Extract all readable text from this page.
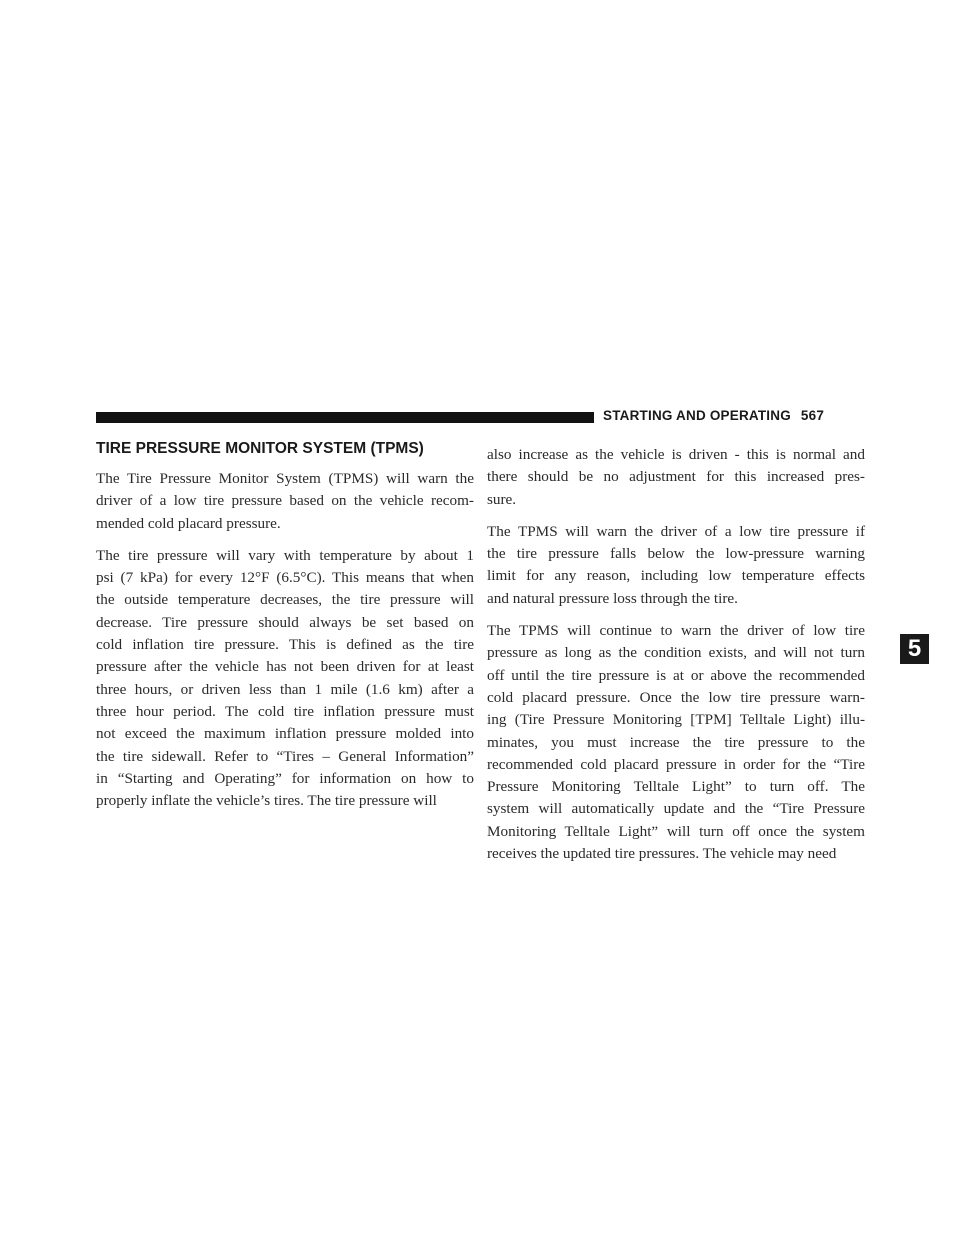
STARTING AND OPERATING 567
TIRE PRESSURE MONITOR SYSTEM (TPMS)
The Tire Pressure Monitor System (TPMS) will warn the
driver of a low tire pressure based on the vehicle recom-
mended cold placard pressure.
The tire pressure will vary with temperature by about 1
psi (7 kPa) for every 12°F (6.5°C). This means that when
the outside temperature decreases, the tire pressure will
decrease. Tire pressure should always be set based on
cold inflation tire pressure. This is defined as the tire
pressure after the vehicle has not been driven for at least
three hours, or driven less than 1 mile (1.6 km) after a
three hour period. The cold tire inflation pressure must
not exceed the maximum inflation pressure molded into
the tire sidewall. Refer to “Tires – General Information”
in “Starting and Operating” for information on how to
properly inflate the vehicle’s tires. The tire pressure will
also increase as the vehicle is driven - this is normal and
there should be no adjustment for this increased pres-
sure.
The TPMS will warn the driver of a low tire pressure if
the tire pressure falls below the low-pressure warning
limit for any reason, including low temperature effects
and natural pressure loss through the tire.
The TPMS will continue to warn the driver of low tire
pressure as long as the condition exists, and will not turn
off until the tire pressure is at or above the recommended
cold placard pressure. Once the low tire pressure warn-
ing (Tire Pressure Monitoring [TPM] Telltale Light) illu-
minates, you must increase the tire pressure to the
recommended cold placard pressure in order for the “Tire
Pressure Monitoring Telltale Light” to turn off. The
system will automatically update and the “Tire Pressure
Monitoring Telltale Light” will turn off once the system
receives the updated tire pressures. The vehicle may need
5
